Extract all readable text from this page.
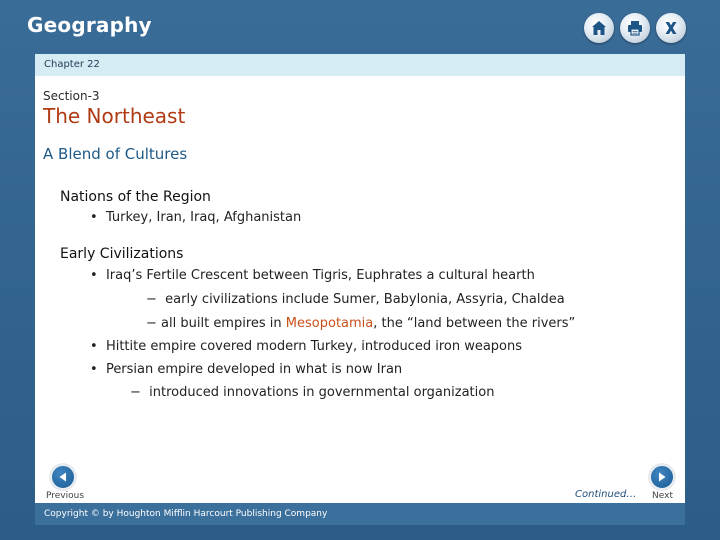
Geography
Chapter 22
Section-3
The Northeast
A Blend of Cultures
Nations of the Region
• Turkey, Iran, Iraq, Afghanistan
Early Civilizations
• Iraq’s Fertile Crescent between Tigris, Euphrates a cultural hearth
− early civilizations include Sumer, Babylonia, Assyria, Chaldea
− all built empires in Mesopotamia, the “land between the rivers”
• Hittite empire covered modern Turkey, introduced iron weapons
• Persian empire developed in what is now Iran
− introduced innovations in governmental organization
Previous	Continued… Next
Copyright © by Houghton Mifflin Harcourt Publishing Company
